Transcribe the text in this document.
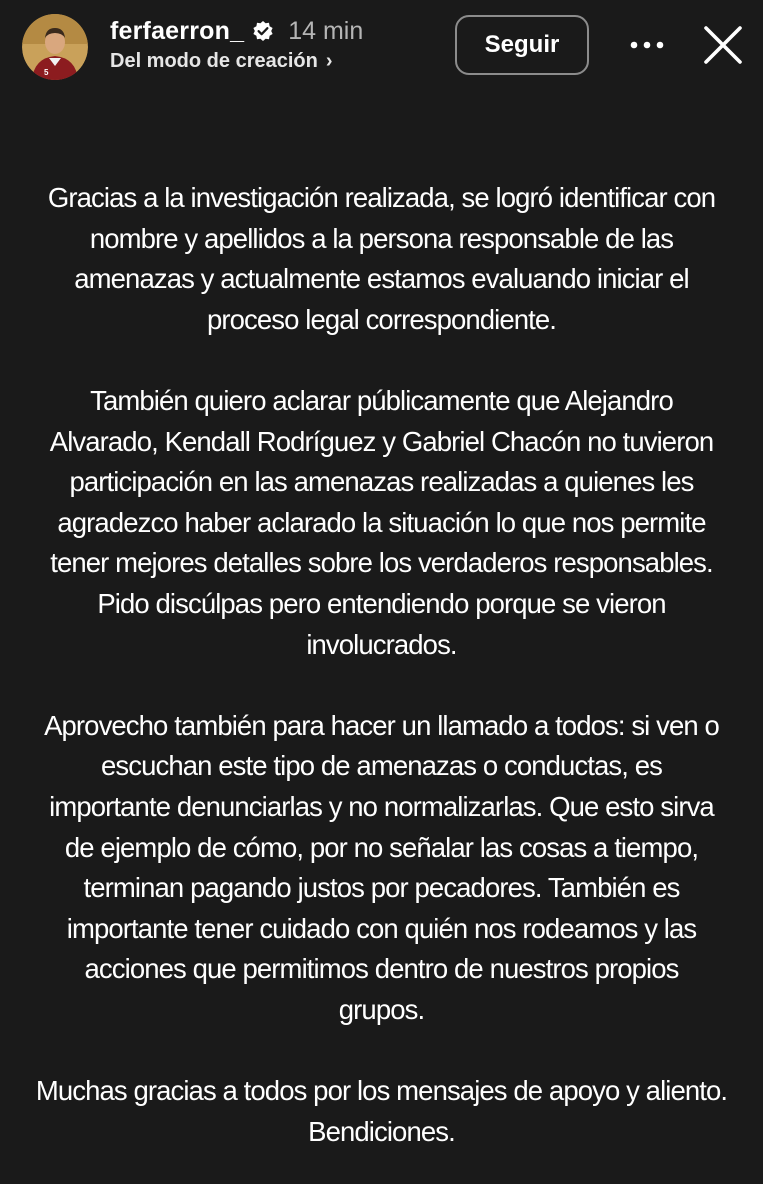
5
ferfaerron_ 14 min
Del modo de creación ›
Seguir

Gracias a la investigación realizada, se logró identificar con
nombre y apellidos a la persona responsable de las
amenazas y actualmente estamos evaluando iniciar el
proceso legal correspondiente.

También quiero aclarar públicamente que Alejandro
Alvarado, Kendall Rodríguez y Gabriel Chacón no tuvieron
participación en las amenazas realizadas a quienes les
agradezco haber aclarado la situación lo que nos permite
tener mejores detalles sobre los verdaderos responsables.
Pido discúlpas pero entendiendo porque se vieron
involucrados.

Aprovecho también para hacer un llamado a todos: si ven o
escuchan este tipo de amenazas o conductas, es
importante denunciarlas y no normalizarlas. Que esto sirva
de ejemplo de cómo, por no señalar las cosas a tiempo,
terminan pagando justos por pecadores. También es
importante tener cuidado con quién nos rodeamos y las
acciones que permitimos dentro de nuestros propios
grupos.

Muchas gracias a todos por los mensajes de apoyo y aliento.
Bendiciones.
